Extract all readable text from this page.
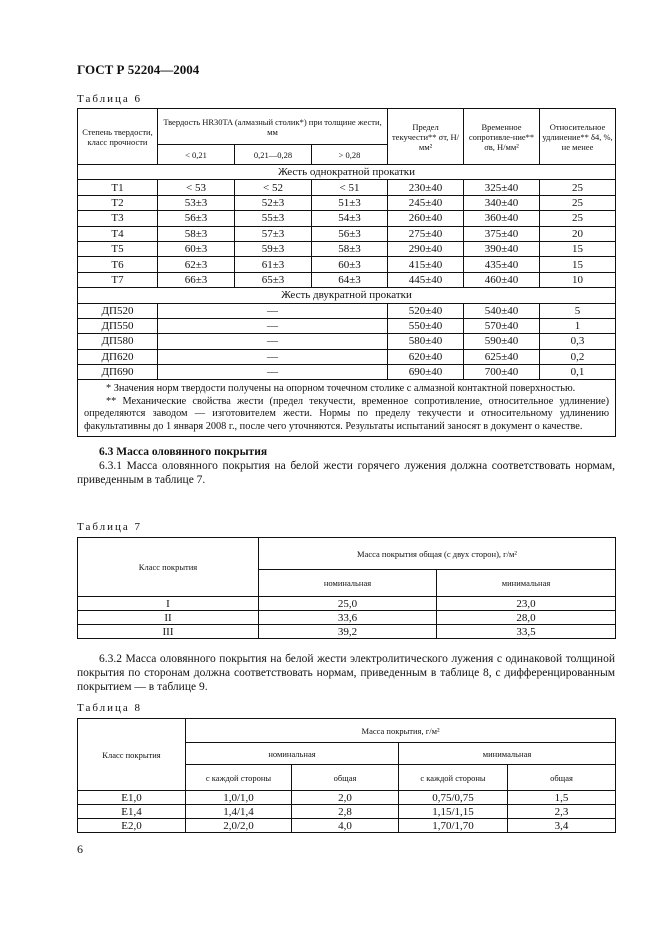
ГОСТ Р 52204—2004
Таблица 6
Степень твердости, класс прочности	Твердость HR30TA (алмазный столик*) при толщине жести, мм			Предел текучести** σт, Н/мм²	Временное сопротивле-ние** σв, Н/мм²	Относительное удлинение** δ4, %, не менее
	< 0,21	0,21—0,28	> 0,28			
Жесть однократной прокатки						
Т1	< 53	< 52	< 51	230±40	325±40	25
Т2	53±3	52±3	51±3	245±40	340±40	25
Т3	56±3	55±3	54±3	260±40	360±40	25
Т4	58±3	57±3	56±3	275±40	375±40	20
Т5	60±3	59±3	58±3	290±40	390±40	15
Т6	62±3	61±3	60±3	415±40	435±40	15
Т7	66±3	65±3	64±3	445±40	460±40	10
Жесть двукратной прокатки						
ДП520	—			520±40	540±40	5
ДП550	—			550±40	570±40	1
ДП580	—			580±40	590±40	0,3
ДП620	—			620±40	625±40	0,2
ДП690	—			690±40	700±40	0,1

* Значения норм твердости получены на опорном точечном столике с алмазной контактной поверхностью.

** Механические свойства жести (предел текучести, временное сопротивление, относительное удлинение) определяются заводом — изготовителем жести. Нормы по пределу текучести и относительному удлинению факультативны до 1 января 2008 г., после чего уточняются. Результаты испытаний заносят в документ о качестве.						

6.3 Масса оловянного покрытия
6.3.1 Масса оловянного покрытия на белой жести горячего лужения должна соответствовать нормам, приведенным в таблице 7.
Таблица 7
Класс покрытия	Масса покрытия общая (с двух сторон), г/м²	
	номинальная	минимальная
I	25,0	23,0
II	33,6	28,0
III	39,2	33,5
6.3.2 Масса оловянного покрытия на белой жести электролитического лужения с одинаковой толщиной покрытия по сторонам должна соответствовать нормам, приведенным в таблице 8, с дифференцированным покрытием — в таблице 9.
Таблица 8
Класс покрытия	Масса покрытия, г/м²			
	номинальная		минимальная	
	с каждой стороны	общая	с каждой стороны	общая
Е1,0	1,0/1,0	2,0	0,75/0,75	1,5
Е1,4	1,4/1,4	2,8	1,15/1,15	2,3
Е2,0	2,0/2,0	4,0	1,70/1,70	3,4
6
